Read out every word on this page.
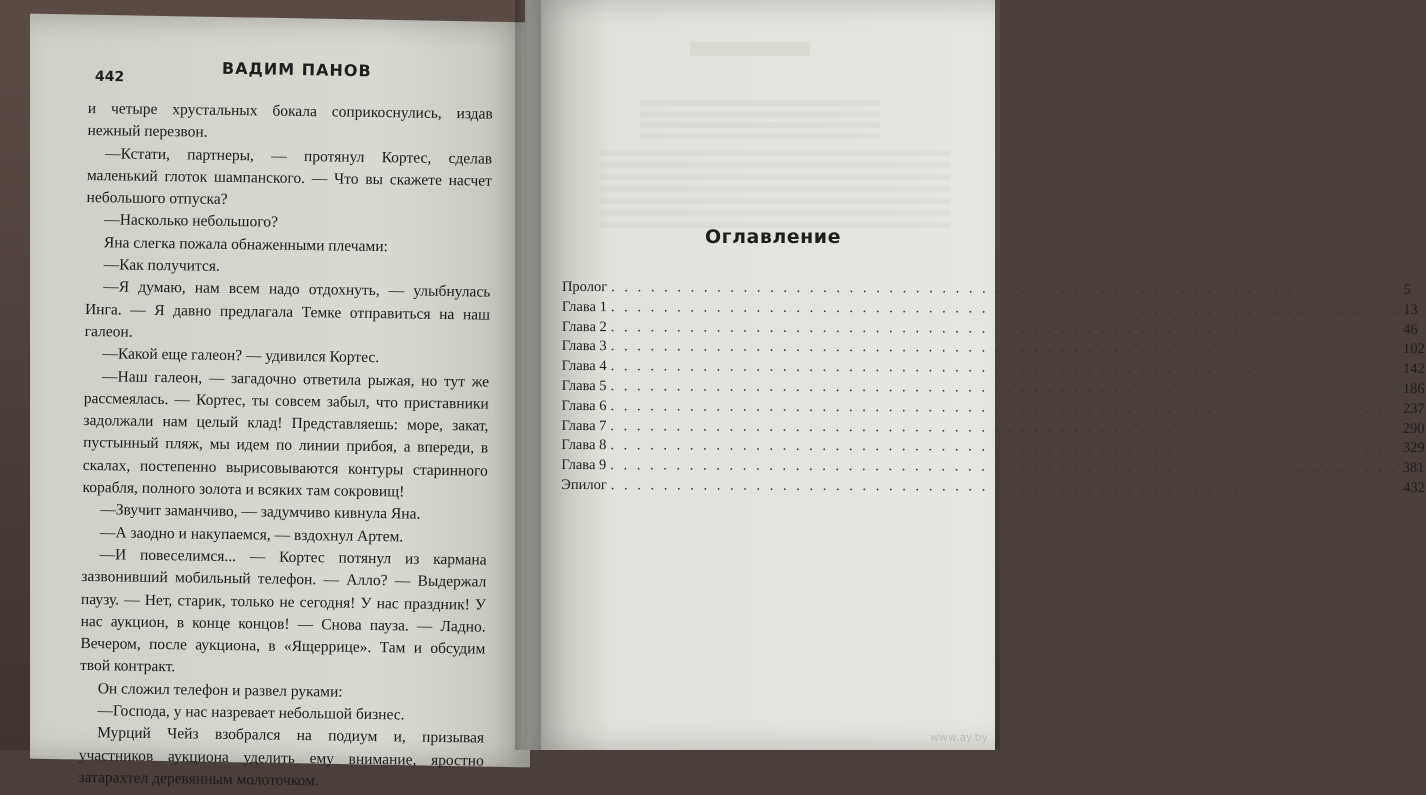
442	ВАДИМ ПАНОВ

и четыре хрустальных бокала соприкоснулись, издав нежный перезвон.

—Кстати, партнеры, — протянул Кортес, сделав маленький глоток шампанского. — Что вы скажете насчет небольшого отпуска?

—Насколько небольшого?

Яна слегка пожала обнаженными плечами:

—Как получится.

—Я думаю, нам всем надо отдохнуть, — улыбнулась Инга. — Я давно предлагала Темке отправиться на наш галеон.

—Какой еще галеон? — удивился Кортес.

—Наш галеон, — загадочно ответила рыжая, но тут же рассмеялась. — Кортес, ты совсем забыл, что приставники задолжали нам целый клад! Представляешь: море, закат, пустынный пляж, мы идем по линии прибоя, а впереди, в скалах, постепенно вырисовываются контуры старинного корабля, полного золота и всяких там сокровищ!

—Звучит заманчиво, — задумчиво кивнула Яна.

—А заодно и накупаемся, — вздохнул Артем.

—И повеселимся... — Кортес потянул из кармана зазвонивший мобильный телефон. — Алло? — Выдержал паузу. — Нет, старик, только не сегодня! У нас праздник! У нас аукцион, в конце концов! — Снова пауза. — Ладно. Вечером, после аукциона, в «Ящеррице». Там и обсудим твой контракт.

Он сложил телефон и развел руками:

—Господа, у нас назревает небольшой бизнес.

Мурций Чейз взобрался на подиум и, призывая участников аукциона уделить ему внимание, яростно затарахтел деревянным молоточком.

Оглавление
Пролог . . . . . . . . . . . . . . . . . . . . . . . . . . . . . . . . . . . . . . . . . . . . . . . . . . . . . . . . . . . . 5
Глава 1 . . . . . . . . . . . . . . . . . . . . . . . . . . . . . . . . . . . . . . . . . . . . . . . . . . . . . . . . . . . . 13
Глава 2 . . . . . . . . . . . . . . . . . . . . . . . . . . . . . . . . . . . . . . . . . . . . . . . . . . . . . . . . . . . . 46
Глава 3 . . . . . . . . . . . . . . . . . . . . . . . . . . . . . . . . . . . . . . . . . . . . . . . . . . . . . . . . . . . . 102
Глава 4 . . . . . . . . . . . . . . . . . . . . . . . . . . . . . . . . . . . . . . . . . . . . . . . . . . . . . . . . . . . . 142
Глава 5 . . . . . . . . . . . . . . . . . . . . . . . . . . . . . . . . . . . . . . . . . . . . . . . . . . . . . . . . . . . . 186
Глава 6 . . . . . . . . . . . . . . . . . . . . . . . . . . . . . . . . . . . . . . . . . . . . . . . . . . . . . . . . . . . . 237
Глава 7 . . . . . . . . . . . . . . . . . . . . . . . . . . . . . . . . . . . . . . . . . . . . . . . . . . . . . . . . . . . . 290
Глава 8 . . . . . . . . . . . . . . . . . . . . . . . . . . . . . . . . . . . . . . . . . . . . . . . . . . . . . . . . . . . . 329
Глава 9 . . . . . . . . . . . . . . . . . . . . . . . . . . . . . . . . . . . . . . . . . . . . . . . . . . . . . . . . . . . . 381
Эпилог . . . . . . . . . . . . . . . . . . . . . . . . . . . . . . . . . . . . . . . . . . . . . . . . . . . . . . . . . . . . 432
www.ay.by
